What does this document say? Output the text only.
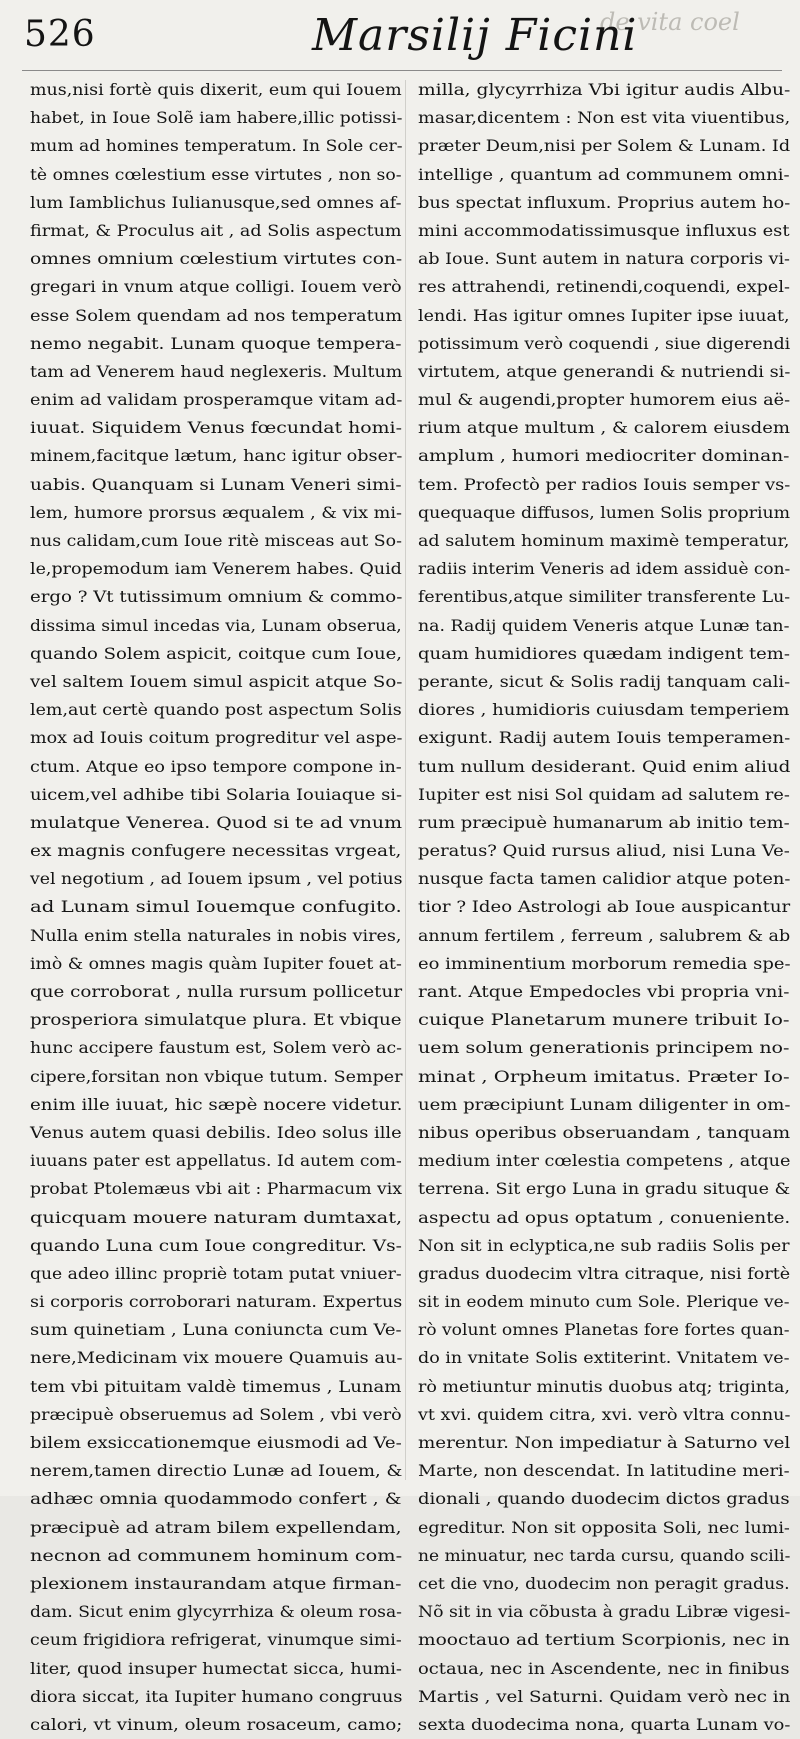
de vita coel
526	Marsilij Ficini
mus,nisi fortè quis dixerit, eum qui Iouem
habet, in Ioue Solẽ iam habere,illic potissi-
mum ad homines temperatum. In Sole cer-
tè omnes cœlestium esse virtutes , non so-
lum Iamblichus Iulianusque,sed omnes af-
firmat, & Proculus ait , ad Solis aspectum
omnes omnium cœlestium virtutes con-
gregari in vnum atque colligi. Iouem verò
esse Solem quendam ad nos temperatum
nemo negabit. Lunam quoque tempera-
tam ad Venerem haud neglexeris. Multum
enim ad validam prosperamque vitam ad-
iuuat. Siquidem Venus fœcundat homi-
minem,facitque lætum, hanc igitur obser-
uabis. Quanquam si Lunam Veneri simi-
lem, humore prorsus æqualem , & vix mi-
nus calidam,cum Ioue ritè misceas aut So-
le,propemodum iam Venerem habes. Quid
ergo ? Vt tutissimum omnium & commo-
dissima simul incedas via, Lunam obserua,
quando Solem aspicit, coitque cum Ioue,
vel saltem Iouem simul aspicit atque So-
lem,aut certè quando post aspectum Solis
mox ad Iouis coitum progreditur vel aspe-
ctum. Atque eo ipso tempore compone in-
uicem,vel adhibe tibi Solaria Iouiaque si-
mulatque Venerea. Quod si te ad vnum
ex magnis confugere necessitas vrgeat,
vel negotium , ad Iouem ipsum , vel potius
ad Lunam simul Iouemque confugito.
Nulla enim stella naturales in nobis vires,
imò & omnes magis quàm Iupiter fouet at-
que corroborat , nulla rursum pollicetur
prosperiora simulatque plura. Et vbique
hunc accipere faustum est, Solem verò ac-
cipere,forsitan non vbique tutum. Semper
enim ille iuuat, hic sæpè nocere videtur.
Venus autem quasi debilis. Ideo solus ille
iuuans pater est appellatus. Id autem com-
probat Ptolemæus vbi ait : Pharmacum vix
quicquam mouere naturam dumtaxat,
quando Luna cum Ioue congreditur. Vs-
que adeo illinc propriè totam putat vniuer-
si corporis corroborari naturam. Expertus
sum quinetiam , Luna coniuncta cum Ve-
nere,Medicinam vix mouere Quamuis au-
tem vbi pituitam valdè timemus , Lunam
præcipuè obseruemus ad Solem , vbi verò
bilem exsiccationemque eiusmodi ad Ve-
nerem,tamen directio Lunæ ad Iouem, &
adhæc omnia quodammodo confert , &
præcipuè ad atram bilem expellendam,
necnon ad communem hominum com-
plexionem instaurandam atque firman-
dam. Sicut enim glycyrrhiza & oleum rosa-
ceum frigidiora refrigerat, vinumque simi-
liter, quod insuper humectat sicca, humi-
diora siccat, ita Iupiter humano congruus
calori, vt vinum, oleum rosaceum, camo;
milla, glycyrrhiza Vbi igitur audis Albu-
masar,dicentem : Non est vita viuentibus,
præter Deum,nisi per Solem & Lunam. Id
intellige , quantum ad communem omni-
bus spectat influxum. Proprius autem ho-
mini accommodatissimusque influxus est
ab Ioue. Sunt autem in natura corporis vi-
res attrahendi, retinendi,coquendi, expel-
lendi. Has igitur omnes Iupiter ipse iuuat,
potissimum verò coquendi , siue digerendi
virtutem, atque generandi & nutriendi si-
mul & augendi,propter humorem eius aë-
rium atque multum , & calorem eiusdem
amplum , humori mediocriter dominan-
tem. Profectò per radios Iouis semper vs-
quequaque diffusos, lumen Solis proprium
ad salutem hominum maximè temperatur,
radiis interim Veneris ad idem assiduè con-
ferentibus,atque similiter transferente Lu-
na. Radij quidem Veneris atque Lunæ tan-
quam humidiores quædam indigent tem-
perante, sicut & Solis radij tanquam cali-
diores , humidioris cuiusdam temperiem
exigunt. Radij autem Iouis temperamen-
tum nullum desiderant. Quid enim aliud
Iupiter est nisi Sol quidam ad salutem re-
rum præcipuè humanarum ab initio tem-
peratus? Quid rursus aliud, nisi Luna Ve-
nusque facta tamen calidior atque poten-
tior ? Ideo Astrologi ab Ioue auspicantur
annum fertilem , ferreum , salubrem & ab
eo imminentium morborum remedia spe-
rant. Atque Empedocles vbi propria vni-
cuique Planetarum munere tribuit Io-
uem solum generationis principem no-
minat , Orpheum imitatus. Præter Io-
uem præcipiunt Lunam diligenter in om-
nibus operibus obseruandam , tanquam
medium inter cœlestia competens , atque
terrena. Sit ergo Luna in gradu situque &
aspectu ad opus optatum , conueniente.
Non sit in eclyptica,ne sub radiis Solis per
gradus duodecim vltra citraque, nisi fortè
sit in eodem minuto cum Sole. Plerique ve-
rò volunt omnes Planetas fore fortes quan-
do in vnitate Solis extiterint. Vnitatem ve-
rò metiuntur minutis duobus atq; triginta,
vt xvi. quidem citra, xvi. verò vltra connu-
merentur. Non impediatur à Saturno vel
Marte, non descendat. In latitudine meri-
dionali , quando duodecim dictos gradus
egreditur. Non sit opposita Soli, nec lumi-
ne minuatur, nec tarda cursu, quando scili-
cet die vno, duodecim non peragit gradus.
Nõ sit in via cõbusta à gradu Libræ vigesi-
mooctauo ad tertium Scorpionis, nec in
octaua, nec in Ascendente, nec in finibus
Martis , vel Saturni. Quidam verò nec in
sexta duodecima nona, quarta Lunam vo-
